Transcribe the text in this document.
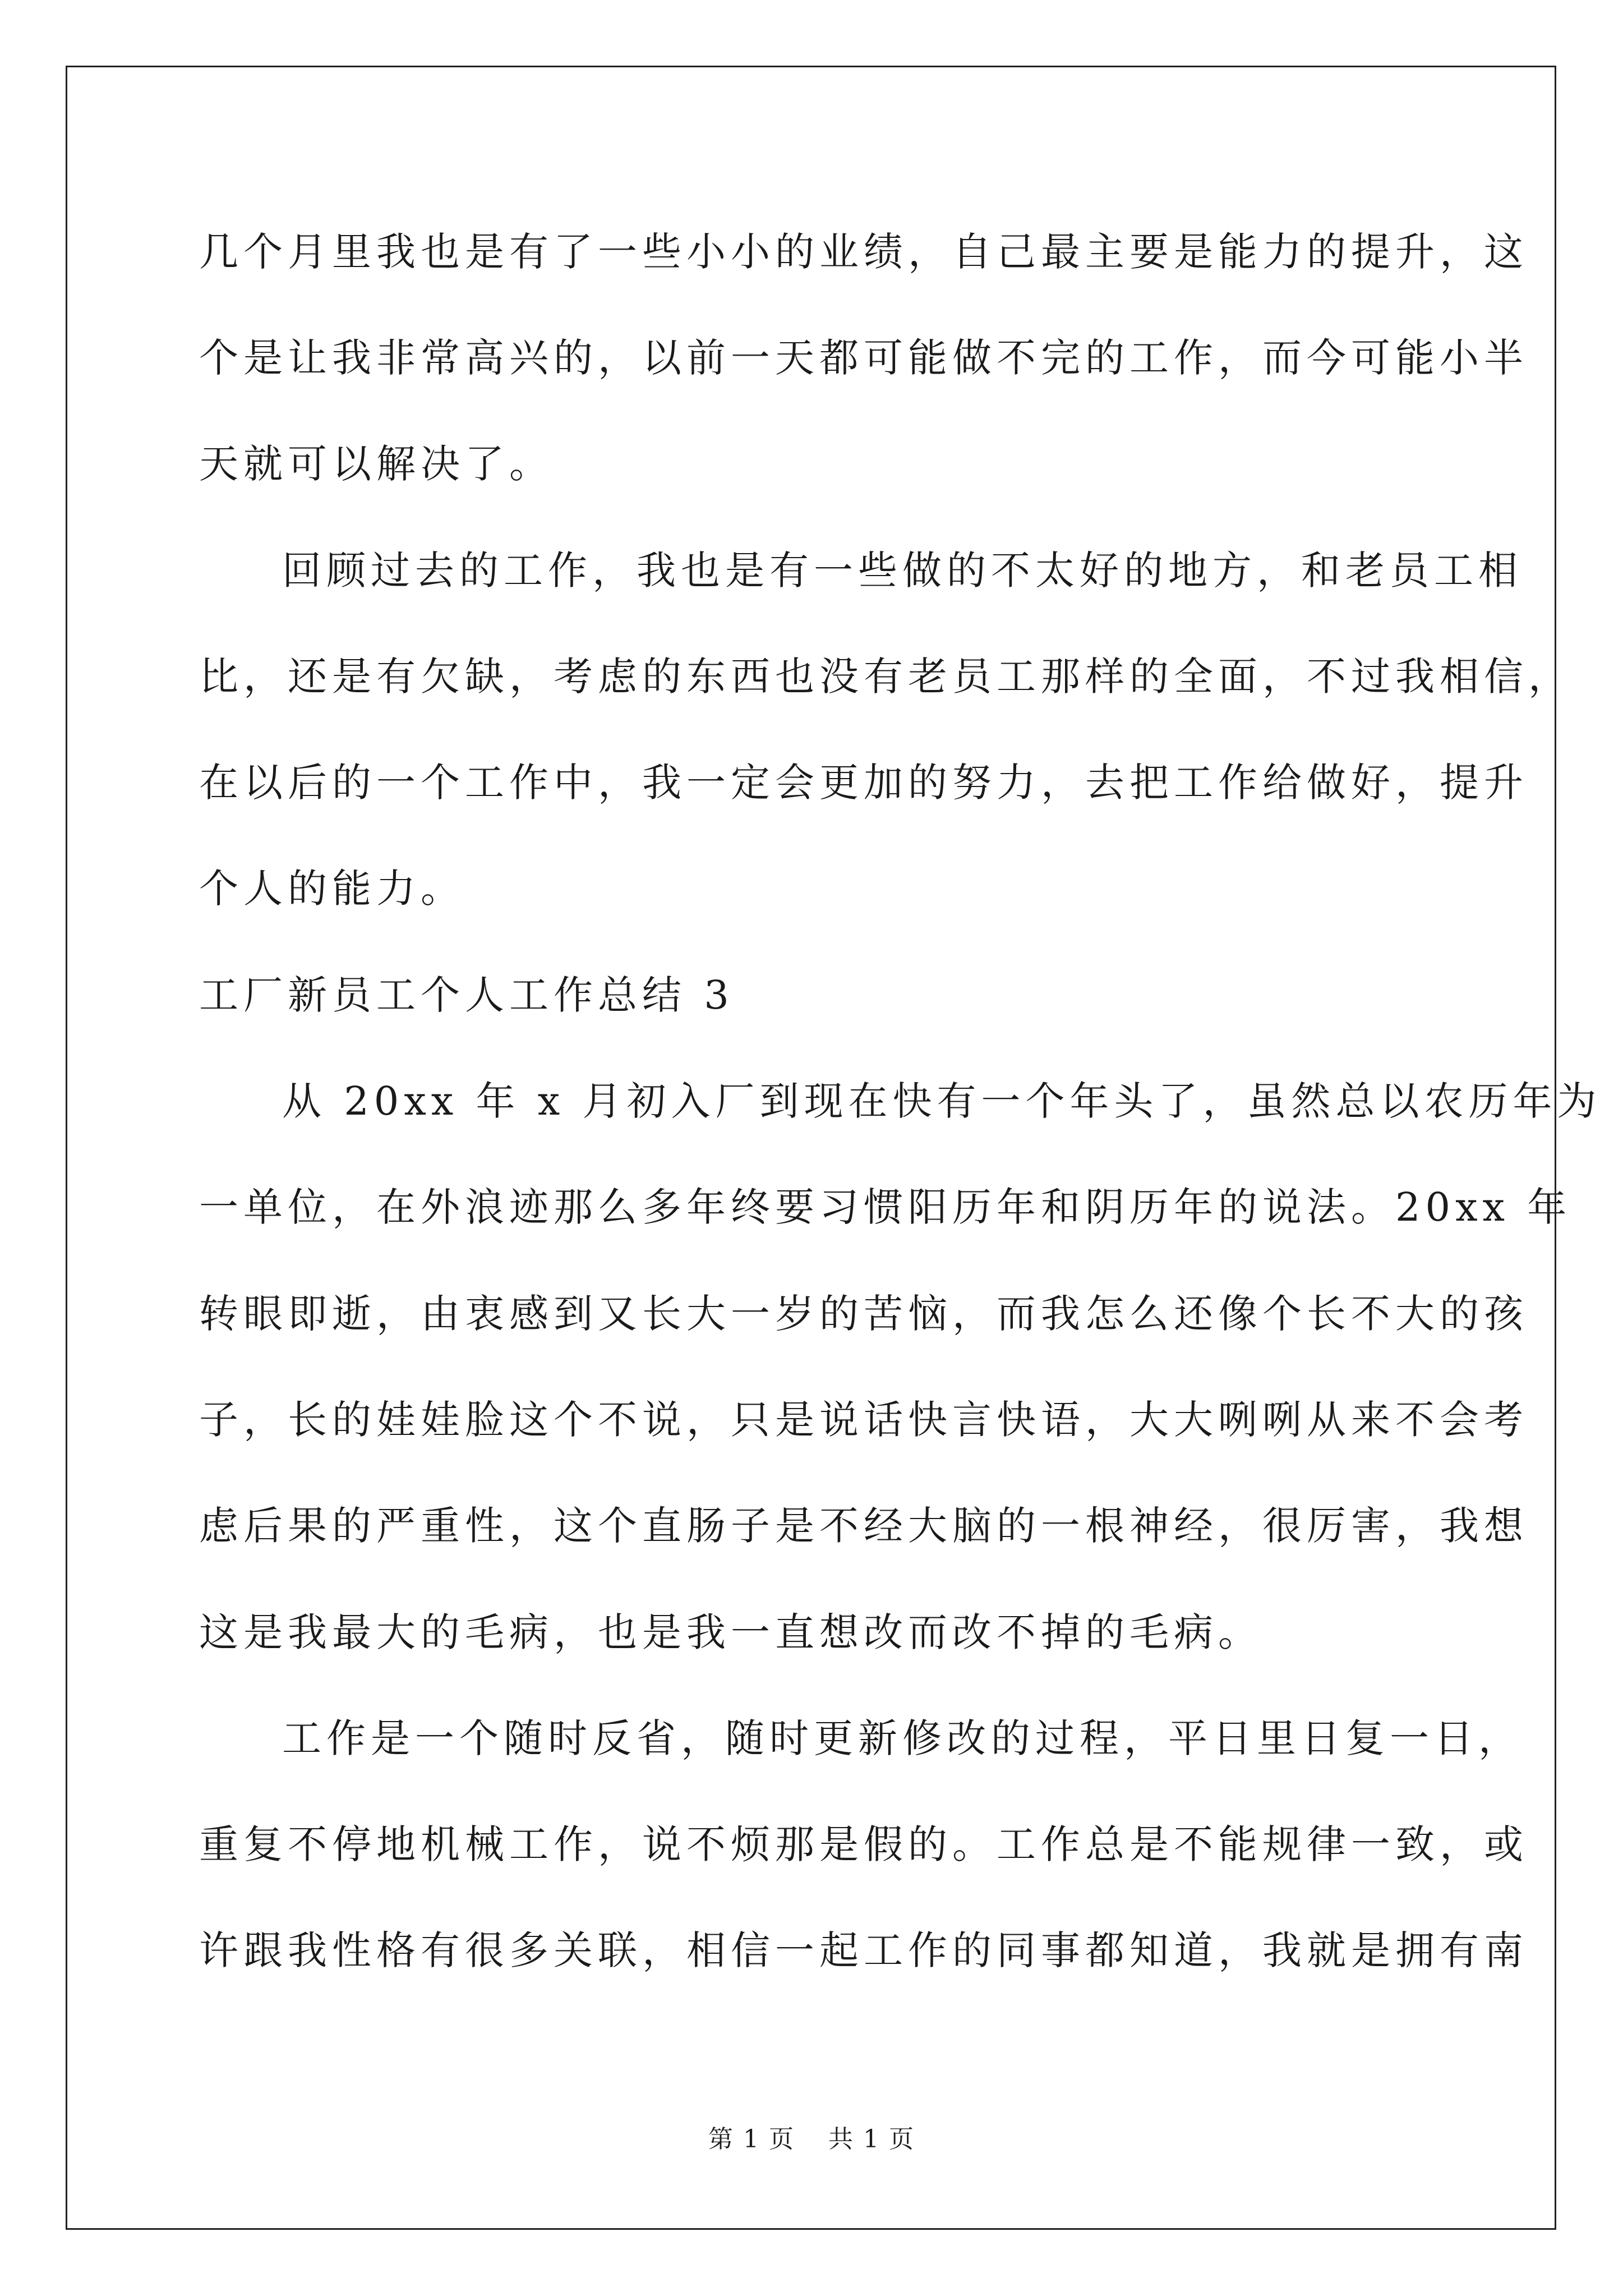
几个月里我也是有了一些小小的业绩，自己最主要是能力的提升，这
个是让我非常高兴的，以前一天都可能做不完的工作，而今可能小半
天就可以解决了。
回顾过去的工作，我也是有一些做的不太好的地方，和老员工相
比，还是有欠缺，考虑的东西也没有老员工那样的全面，不过我相信，
在以后的一个工作中，我一定会更加的努力，去把工作给做好，提升
个人的能力。
工厂新员工个人工作总结 3
从 20xx 年 x 月初入厂到现在快有一个年头了，虽然总以农历年为
一单位，在外浪迹那么多年终要习惯阳历年和阴历年的说法。20xx 年
转眼即逝，由衷感到又长大一岁的苦恼，而我怎么还像个长不大的孩
子，长的娃娃脸这个不说，只是说话快言快语，大大咧咧从来不会考
虑后果的严重性，这个直肠子是不经大脑的一根神经，很厉害，我想
这是我最大的毛病，也是我一直想改而改不掉的毛病。
工作是一个随时反省，随时更新修改的过程，平日里日复一日，
重复不停地机械工作，说不烦那是假的。工作总是不能规律一致，或
许跟我性格有很多关联，相信一起工作的同事都知道，我就是拥有南
第 1 页 共 1 页
